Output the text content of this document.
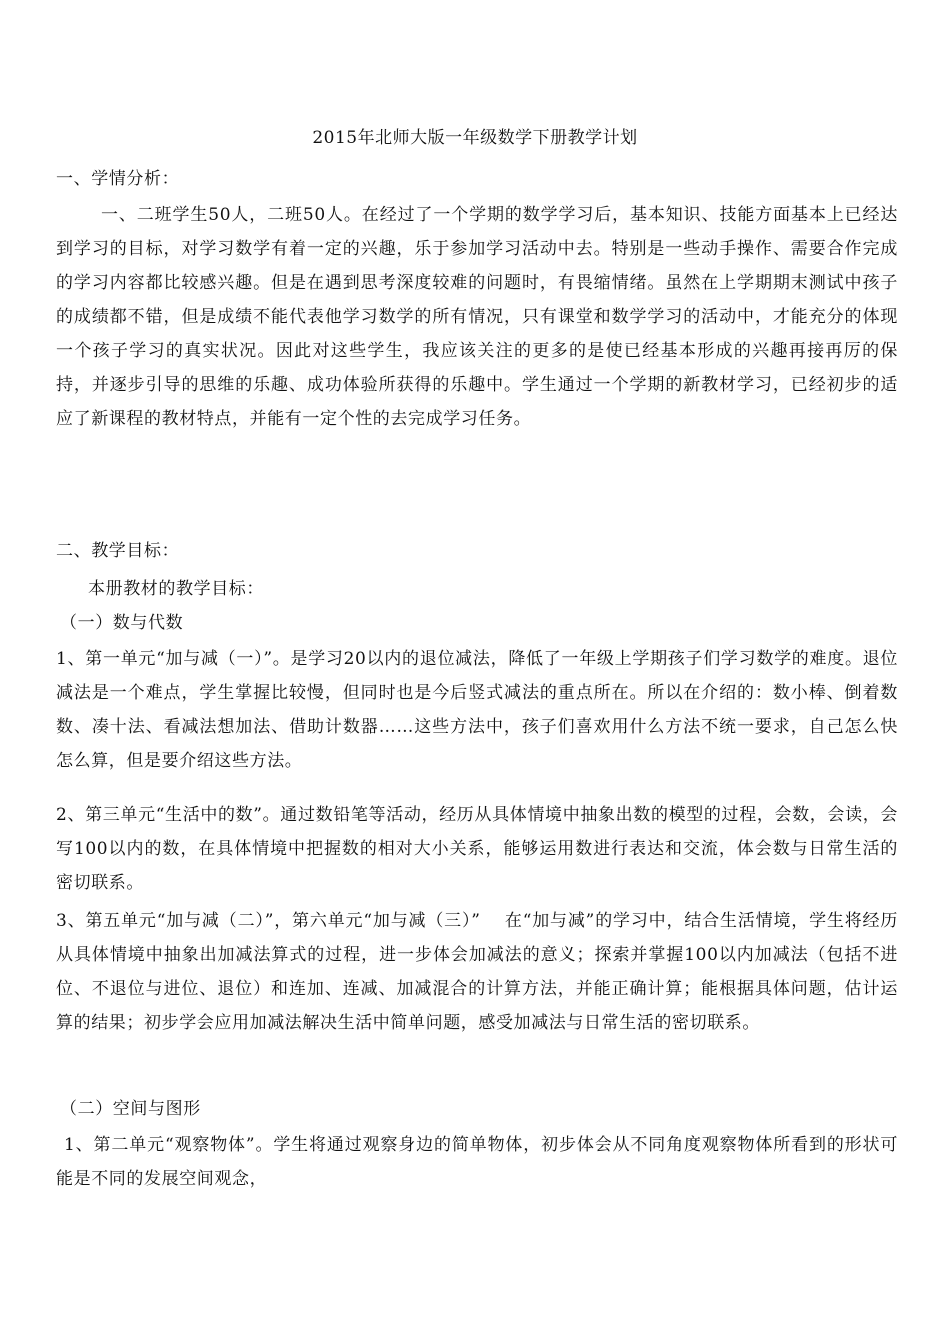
2015年北师大版一年级数学下册教学计划
一、学情分析：

一、二班学生50人，二班50人。在经过了一个学期的数学学习后，基本知识、技能方面基本上已经达到学习的目标，对学习数学有着一定的兴趣，乐于参加学习活动中去。特别是一些动手操作、需要合作完成的学习内容都比较感兴趣。但是在遇到思考深度较难的问题时，有畏缩情绪。虽然在上学期期末测试中孩子的成绩都不错，但是成绩不能代表他学习数学的所有情况，只有课堂和数学学习的活动中，才能充分的体现一个孩子学习的真实状况。因此对这些学生，我应该关注的更多的是使已经基本形成的兴趣再接再厉的保持，并逐步引导的思维的乐趣、成功体验所获得的乐趣中。学生通过一个学期的新教材学习，已经初步的适应了新课程的教材特点，并能有一定个性的去完成学习任务。

二、教学目标：
本册教材的教学目标：
（一）数与代数

1、第一单元“加与减（一）”。是学习20以内的退位减法，降低了一年级上学期孩子们学习数学的难度。退位减法是一个难点，学生掌握比较慢，但同时也是今后竖式减法的重点所在。所以在介绍的：数小棒、倒着数数、凑十法、看减法想加法、借助计数器……这些方法中，孩子们喜欢用什么方法不统一要求，自己怎么快怎么算，但是要介绍这些方法。

2、第三单元“生活中的数”。通过数铅笔等活动，经历从具体情境中抽象出数的模型的过程，会数，会读，会写100以内的数，在具体情境中把握数的相对大小关系，能够运用数进行表达和交流，体会数与日常生活的密切联系。

3、第五单元“加与减（二）”，第六单元“加与减（三）”　 在“加与减”的学习中，结合生活情境，学生将经历从具体情境中抽象出加减法算式的过程，进一步体会加减法的意义；探索并掌握100以内加减法（包括不进位、不退位与进位、退位）和连加、连减、加减混合的计算方法，并能正确计算；能根据具体问题，估计运算的结果；初步学会应用加减法解决生活中简单问题，感受加减法与日常生活的密切联系。

（二）空间与图形

1、第二单元“观察物体”。学生将通过观察身边的简单物体，初步体会从不同角度观察物体所看到的形状可能是不同的发展空间观念，
